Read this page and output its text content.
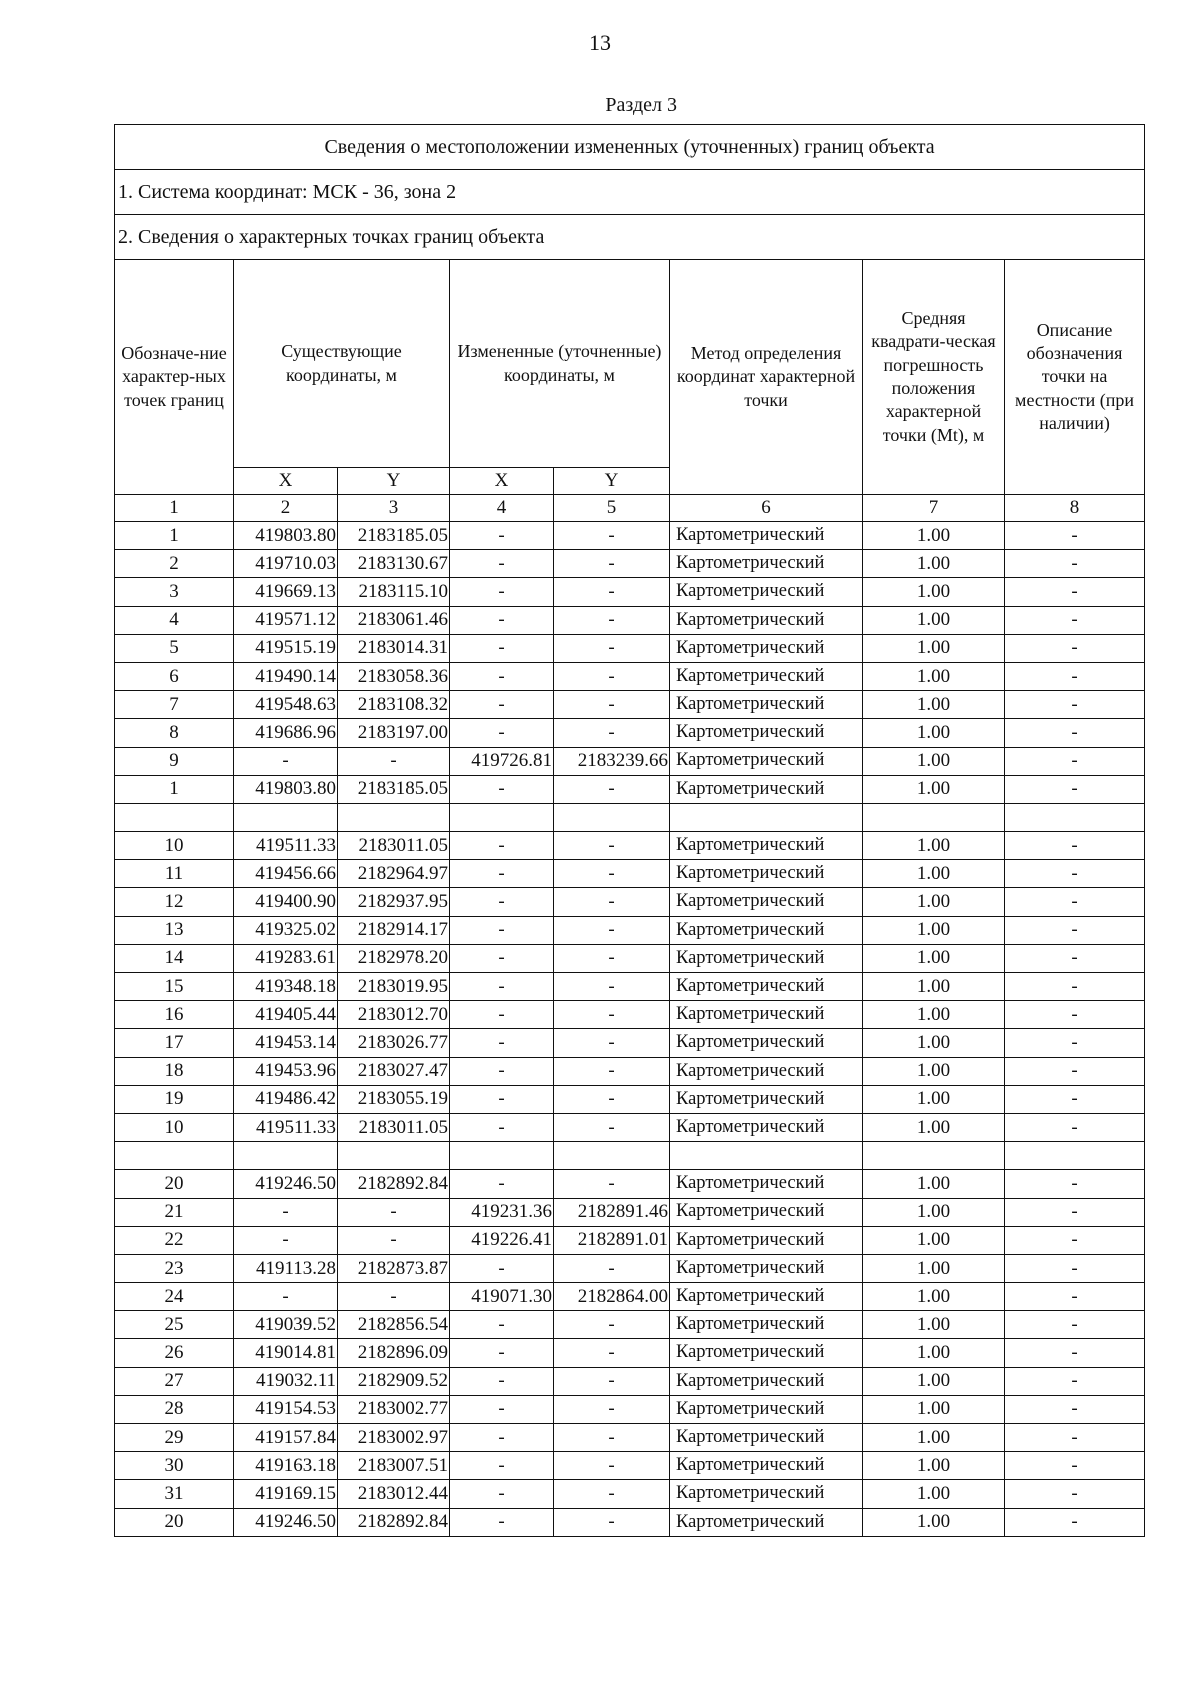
13
Раздел 3
Сведения о местоположении измененных (уточненных) границ объекта							
1. Система координат: МСК - 36, зона 2							
2. Сведения о характерных точках границ объекта							
Обозначе-ние характер-ных точек границ	Существующие координаты, м		Измененные (уточненные) координаты, м		Метод определения координат характерной точки	Средняя квадрати-ческая погрешность положения характерной точки (Mt), м	Описание обозначения точки на местности (при наличии)
	X	Y	X	Y			
1	2	3	4	5	6	7	8
1	419803.80	2183185.05	-	-	Картометрический	1.00	-
2	419710.03	2183130.67	-	-	Картометрический	1.00	-
3	419669.13	2183115.10	-	-	Картометрический	1.00	-
4	419571.12	2183061.46	-	-	Картометрический	1.00	-
5	419515.19	2183014.31	-	-	Картометрический	1.00	-
6	419490.14	2183058.36	-	-	Картометрический	1.00	-
7	419548.63	2183108.32	-	-	Картометрический	1.00	-
8	419686.96	2183197.00	-	-	Картометрический	1.00	-
9	-	-	419726.81	2183239.66	Картометрический	1.00	-
1	419803.80	2183185.05	-	-	Картометрический	1.00	-

10	419511.33	2183011.05	-	-	Картометрический	1.00	-
11	419456.66	2182964.97	-	-	Картометрический	1.00	-
12	419400.90	2182937.95	-	-	Картометрический	1.00	-
13	419325.02	2182914.17	-	-	Картометрический	1.00	-
14	419283.61	2182978.20	-	-	Картометрический	1.00	-
15	419348.18	2183019.95	-	-	Картометрический	1.00	-
16	419405.44	2183012.70	-	-	Картометрический	1.00	-
17	419453.14	2183026.77	-	-	Картометрический	1.00	-
18	419453.96	2183027.47	-	-	Картометрический	1.00	-
19	419486.42	2183055.19	-	-	Картометрический	1.00	-
10	419511.33	2183011.05	-	-	Картометрический	1.00	-

20	419246.50	2182892.84	-	-	Картометрический	1.00	-
21	-	-	419231.36	2182891.46	Картометрический	1.00	-
22	-	-	419226.41	2182891.01	Картометрический	1.00	-
23	419113.28	2182873.87	-	-	Картометрический	1.00	-
24	-	-	419071.30	2182864.00	Картометрический	1.00	-
25	419039.52	2182856.54	-	-	Картометрический	1.00	-
26	419014.81	2182896.09	-	-	Картометрический	1.00	-
27	419032.11	2182909.52	-	-	Картометрический	1.00	-
28	419154.53	2183002.77	-	-	Картометрический	1.00	-
29	419157.84	2183002.97	-	-	Картометрический	1.00	-
30	419163.18	2183007.51	-	-	Картометрический	1.00	-
31	419169.15	2183012.44	-	-	Картометрический	1.00	-
20	419246.50	2182892.84	-	-	Картометрический	1.00	-
